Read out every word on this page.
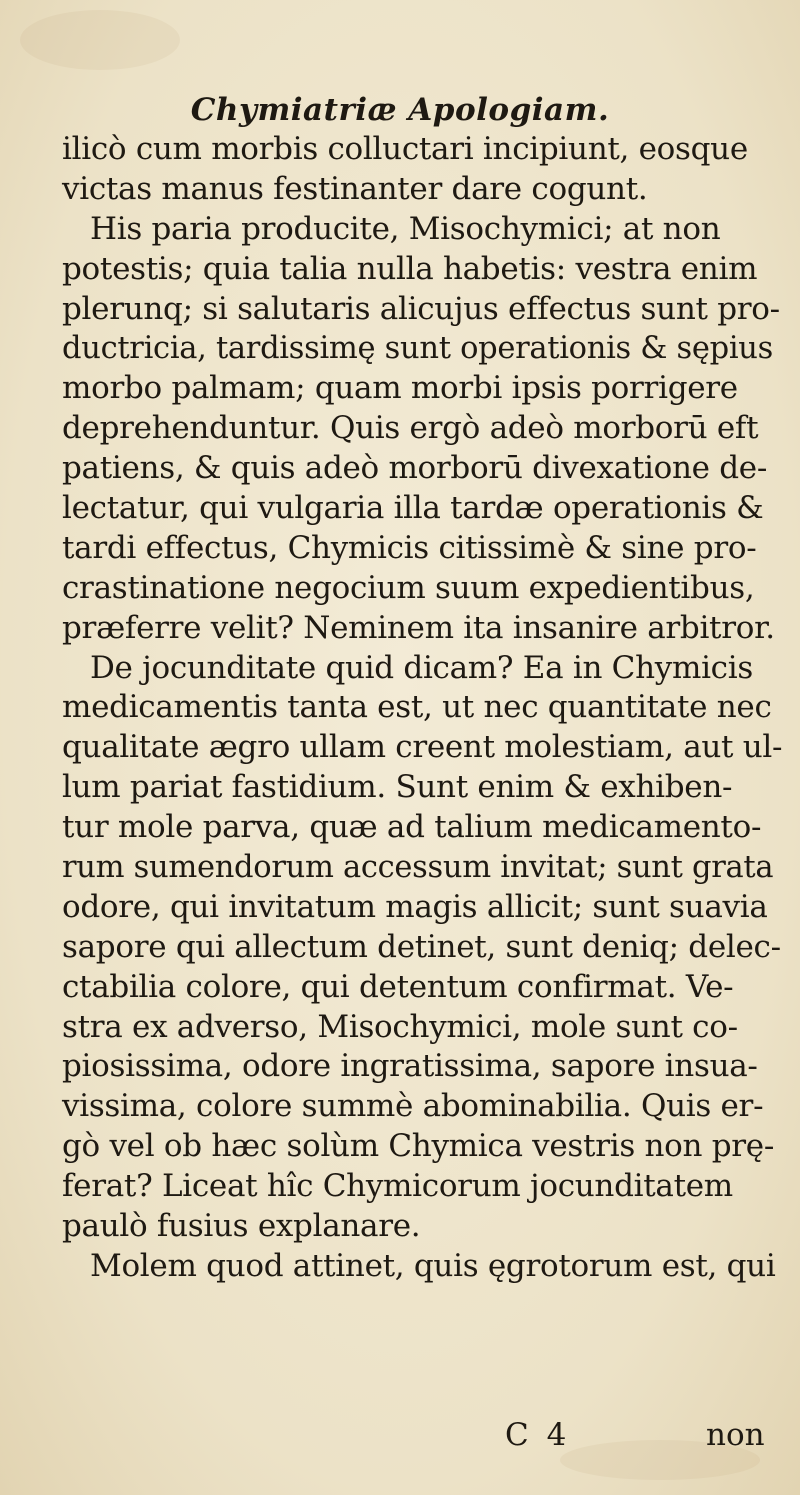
Chymiatriæ Apologiam.
ilicò cum morbis colluctari incipiunt, eosque
victas manus festinanter dare cogunt.
His paria producite, Misochymici; at non
potestis; quia talia nulla habetis: vestra enim
plerunq; si salutaris alicujus effectus sunt pro-
ductricia, tardissimę sunt operationis & sępius
morbo palmam; quam morbi ipsis porrigere
deprehenduntur. Quis ergò adeò morborū eft
patiens, & quis adeò morborū divexatione de-
lectatur, qui vulgaria illa tardæ operationis &
tardi effectus, Chymicis citissimè & sine pro-
crastinatione negocium suum expedientibus,
præferre velit? Neminem ita insanire arbitror.
De jocunditate quid dicam? Ea in Chymicis
medicamentis tanta est, ut nec quantitate nec
qualitate ægro ullam creent molestiam, aut ul-
lum pariat fastidium. Sunt enim & exhiben-
tur mole parva, quæ ad talium medicamento-
rum sumendorum accessum invitat; sunt grata
odore, qui invitatum magis allicit; sunt suavia
sapore qui allectum detinet, sunt deniq; delec-
ctabilia colore, qui detentum confirmat. Ve-
stra ex adverso, Misochymici, mole sunt co-
piosissima, odore ingratissima, sapore insua-
vissima, colore summè abominabilia. Quis er-
gò vel ob hæc solùm Chymica vestris non prę-
ferat? Liceat hîc Chymicorum jocunditatem
paulò fusius explanare.
Molem quod attinet, quis ęgrotorum est, qui
C 4	non
